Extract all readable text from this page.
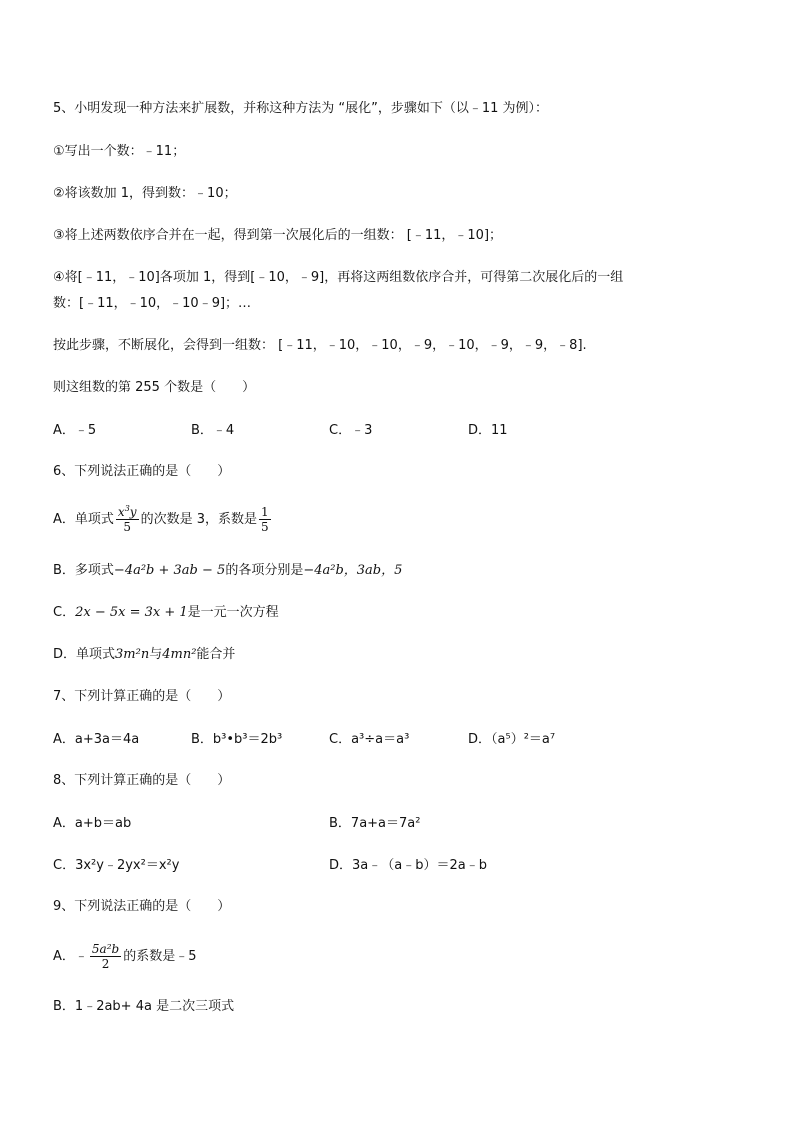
5、小明发现一种方法来扩展数，并称这种方法为 “展化”，步骤如下（以﹣11 为例）：
①写出一个数：﹣11；
②将该数加 1，得到数：﹣10；
③将上述两数依序合并在一起，得到第一次展化后的一组数： [﹣11，﹣10]；
④将[﹣11，﹣10]各项加 1，得到[﹣10，﹣9]，再将这两组数依序合并，可得第二次展化后的一组
数：[﹣11，﹣10，﹣10﹣9]；…
按此步骤，不断展化，会得到一组数： [﹣11，﹣10，﹣10，﹣9，﹣10，﹣9，﹣9，﹣8].
则这组数的第 255 个数是（　　）
A．﹣5	B．﹣4	C．﹣3	D．11
6、下列说法正确的是（　　）
A．单项式 $\frac{x^3y}{5}$ 的次数是 3，系数是 $\frac{1}{5}$
B．多项式−4a²b + 3ab − 5的各项分别是−4a²b，3ab，5
C．2x − 5x = 3x + 1是一元一次方程
D．单项式3m²n与4mn²能合并
7、下列计算正确的是（　　）
A．a+3a＝4a	B．b³•b³＝2b³	C．a³÷a＝a³	D．（a⁵）²＝a⁷
8、下列计算正确的是（　　）
A．a+b＝ab	B．7a+a＝7a²
C．3x²y﹣2yx²＝x²y	D．3a﹣（a﹣b）＝2a﹣b
9、下列说法正确的是（　　）
A．﹣ $\frac{\text{5a²b}}{2}$ 的系数是﹣5
B．1﹣2ab+ 4a 是二次三项式
